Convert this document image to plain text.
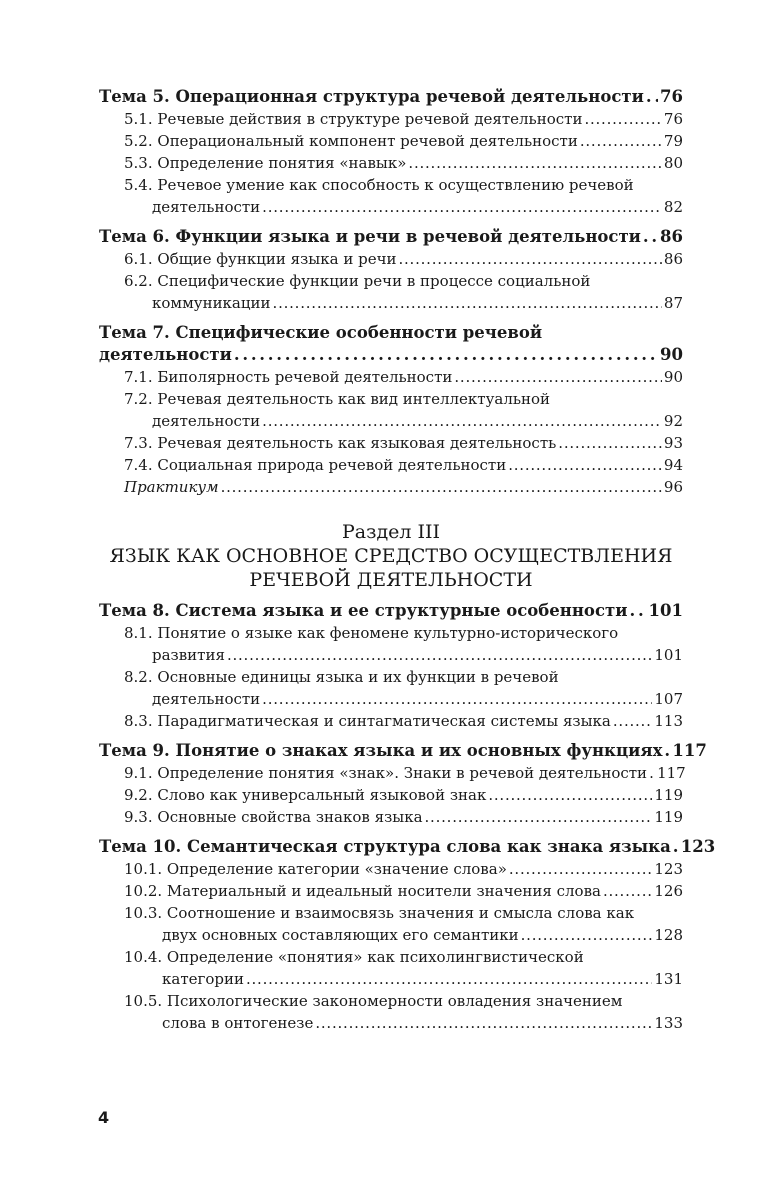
Тема 5. Операционная структура речевой деятельности . . . 76
5.1. Речевые действия в структуре речевой деятельности . . .	76
5.2. Операциональный компонент речевой деятельности . . .	79
5.3. Определение понятия «навык» . . .	80
5.4. Речевое умение как способность к осуществлению речевой
деятельности . . .	82
Тема 6. Функции языка и речи в речевой деятельности . . . 86
6.1. Общие функции языка и речи . . .	86
6.2. Специфические функции речи в процессе социальной
коммуникации . . .	87
Тема 7. Специфические особенности речевой
деятельности . . .	90
7.1. Биполярность речевой деятельности . . .	90
7.2. Речевая деятельность как вид интеллектуальной
деятельности . . .	92
7.3. Речевая деятельность как языковая деятельность . . .	93
7.4. Социальная природа речевой деятельности . . .	94
Практикум . . .	96
Раздел III
ЯЗЫК КАК ОСНОВНОЕ СРЕДСТВО ОСУЩЕСТВЛЕНИЯ
РЕЧЕВОЙ ДЕЯТЕЛЬНОСТИ
Тема 8. Система языка и ее структурные особенности . . . 101
8.1. Понятие о языке как феномене культурно-исторического
развития . . .	101
8.2. Основные единицы языка и их функции в речевой
деятельности . . .	107
8.3. Парадигматическая и синтагматическая системы языка . . .	113
Тема 9. Понятие о знаках языка и их основных функциях . . . 117
9.1. Определение понятия «знак». Знаки в речевой деятельности . . . 117
9.2. Слово как универсальный языковой знак . . .	119
9.3. Основные свойства знаков языка . . .	119
Тема 10. Семантическая структура слова как знака языка . . . 123
10.1. Определение категории «значение слова» . . .	123
10.2. Материальный и идеальный носители значения слова . . .	126
10.3. Соотношение и взаимосвязь значения и смысла слова как
двух основных составляющих его семантики . . .	128
10.4. Определение «понятия» как психолингвистической
категории . . .	131
10.5. Психологические закономерности овладения значением
слова в онтогенезе . . .	133
4
